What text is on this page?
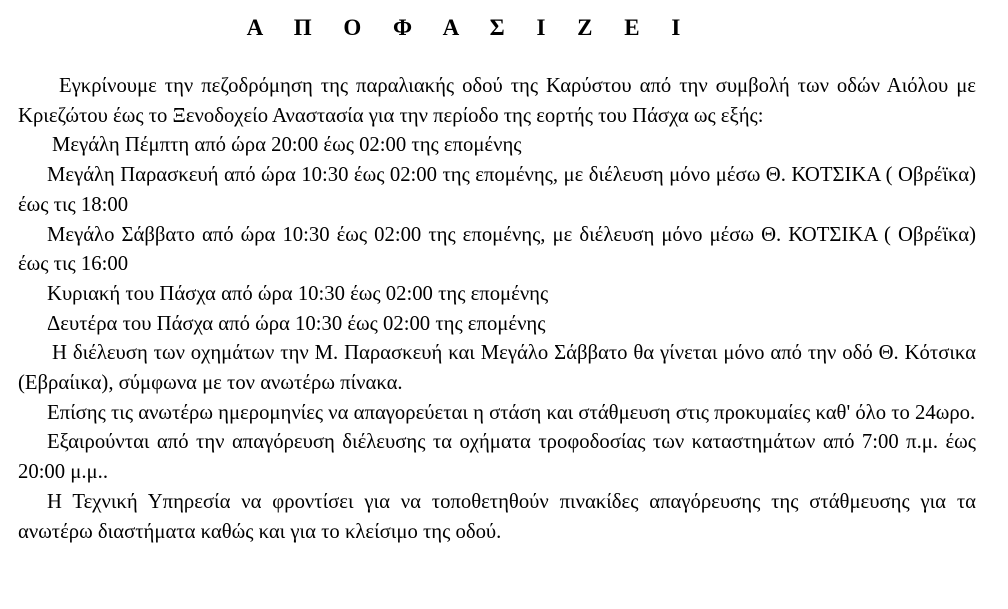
Α Π Ο Φ Α Σ Ι Ζ Ε Ι

Εγκρίνουμε την πεζοδρόμηση της παραλιακής οδού της Καρύστου από την συμβολή των οδών Αιόλου με Κριεζώτου έως το Ξενοδοχείο Αναστασία για την περίοδο της εορτής του Πάσχα ως εξής:

Μεγάλη Πέμπτη από ώρα 20:00 έως 02:00 της επομένης

Μεγάλη Παρασκευή από ώρα 10:30 έως 02:00 της επομένης, με διέλευση μόνο μέσω Θ. ΚΟΤΣΙΚΑ ( Οβρέϊκα) έως τις 18:00

Μεγάλο Σάββατο από ώρα 10:30 έως 02:00 της επομένης, με διέλευση μόνο μέσω Θ. ΚΟΤΣΙΚΑ ( Οβρέϊκα) έως τις 16:00

Κυριακή του Πάσχα από ώρα 10:30 έως 02:00 της επομένης

Δευτέρα του Πάσχα από ώρα 10:30 έως 02:00 της επομένης

Η διέλευση των οχημάτων την Μ. Παρασκευή και Μεγάλο Σάββατο θα γίνεται μόνο από την οδό Θ. Κότσικα (Εβραίικα), σύμφωνα με τον ανωτέρω πίνακα.

Επίσης τις ανωτέρω ημερομηνίες να απαγορεύεται η στάση και στάθμευση στις προκυμαίες καθ' όλο το 24ωρο.

Εξαιρούνται από την απαγόρευση διέλευσης τα οχήματα τροφοδοσίας των καταστημάτων από 7:00 π.μ. έως 20:00 μ.μ..

Η Τεχνική Υπηρεσία να φροντίσει για να τοποθετηθούν πινακίδες απαγόρευσης της στάθμευσης για τα ανωτέρω διαστήματα καθώς και για το κλείσιμο της οδού.
